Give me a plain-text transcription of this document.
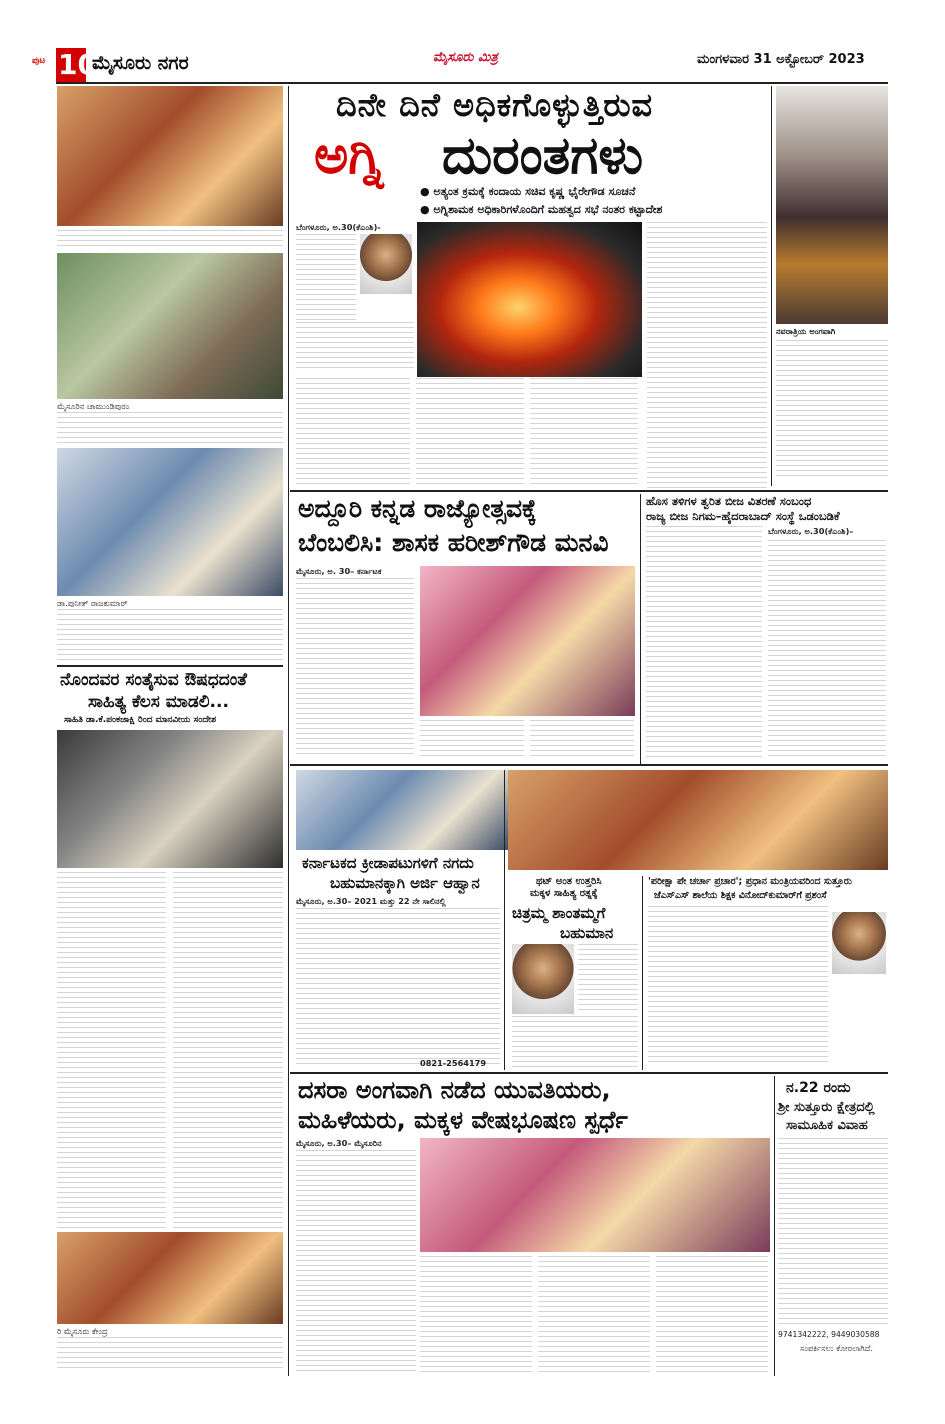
ಪುಟ 10
ಮೈಸೂರು ನಗರ	ಮೈಸೂರು ಮಿತ್ರ	ಮಂಗಳವಾರ 31 ಅಕ್ಟೋಬರ್ 2023
ಮೈಸೂರಿನ ಚಾಮುಂಡಿಪುರಂ
ಡಾ.ಪುನೀತ್ ರಾಜಕುಮಾರ್
ನೊಂದವರ ಸಂತೈಸುವ ಔಷಧದಂತೆ
ಸಾಹಿತ್ಯ ಕೆಲಸ ಮಾಡಲಿ...
ಸಾಹಿತಿ ಡಾ.ಕೆ.ಪಂಕಜಾಕ್ಷಿ ರಿಂದ ಮಾನವೀಯ ಸಂದೇಶ
ರಿ ಮೈಸೂರು ಕೇಂದ್ರ
ದಿನೇ ದಿನೆ ಅಧಿಕಗೊಳ್ಳುತ್ತಿರುವ
ಅಗ್ನಿ ದುರಂತಗಳು
● ಅತ್ಯಂತ ಕ್ರಮಕ್ಕೆ ಕಂದಾಯ ಸಚಿವ ಕೃಷ್ಣ ಭೈರೇಗೌಡ ಸೂಚನೆ
● ಅಗ್ನಿಶಾಮಕ ಅಧಿಕಾರಿಗಳೊಂದಿಗೆ ಮಹತ್ವದ ಸಭೆ ನಂತರ ಕಟ್ಟಾದೇಶ
ಬೆಂಗಳೂರು, ಅ.30(ಕೆಎಂಶಿ)-
ನವರಾತ್ರಿಯ ಅಂಗವಾಗಿ
ಅದ್ದೂರಿ ಕನ್ನಡ ರಾಜ್ಯೋತ್ಸವಕ್ಕೆ
ಬೆಂಬಲಿಸಿ: ಶಾಸಕ ಹರೀಶ್‌ಗೌಡ ಮನವಿ
ಮೈಸೂರು, ಅ. 30– ಕರ್ನಾಟಕ
ಹೊಸ ತಳಿಗಳ ತ್ವರಿತ ಬೀಜ ವಿತರಣೆ ಸಂಬಂಧ
ರಾಜ್ಯ ಬೀಜ ನಿಗಮ–ಹೈದರಾಬಾದ್ ಸಂಸ್ಥೆ ಒಡಂಬಡಿಕೆ
ಬೆಂಗಳೂರು, ಅ.30(ಕೆಎಂಶಿ)–
ಕರ್ನಾಟಕದ ಕ್ರೀಡಾಪಟುಗಳಿಗೆ ನಗದು
ಬಹುಮಾನಕ್ಕಾಗಿ ಅರ್ಜಿ ಆಹ್ವಾನ
ಮೈಸೂರು, ಅ.30– 2021 ಮತ್ತು 22 ನೇ ಸಾಲಿನಲ್ಲಿ
0821-2564179
ಥಟ್ ಅಂತ ಉತ್ತರಿಸಿ
ಮಕ್ಕಳ ಸಾಹಿತ್ಯ ರತ್ನಕ್ಕೆ
ಚಿತ್ರಮ್ಮ ಶಾಂತಮ್ಮಗೆ
ಬಹುಮಾನ
'ಪರೀಕ್ಷಾ ಪೇ ಚರ್ಚಾ ಪ್ರಚಾರ'; ಪ್ರಧಾನ ಮಂತ್ರಿಯವರಿಂದ ಸುತ್ತೂರು
ಜೆಎಸ್‌ಎಸ್ ಶಾಲೆಯ ಶಿಕ್ಷಕ ವಿನೋದ್‌ಕುಮಾರ್‌ಗೆ ಪ್ರಶಂಸೆ
ದಸರಾ ಅಂಗವಾಗಿ ನಡೆದ ಯುವತಿಯರು,
ಮಹಿಳೆಯರು, ಮಕ್ಕಳ ವೇಷಭೂಷಣ ಸ್ಪರ್ಧೆ
ಮೈಸೂರು, ಅ.30– ಮೈಸೂರಿನ
ನ.22 ರಂದು
ಶ್ರೀ ಸುತ್ತೂರು ಕ್ಷೇತ್ರದಲ್ಲಿ
ಸಾಮೂಹಿಕ ವಿವಾಹ
9741342222, 9449030588
ಸಂಪರ್ಕಿಸಲು ಕೋರಲಾಗಿದೆ.
